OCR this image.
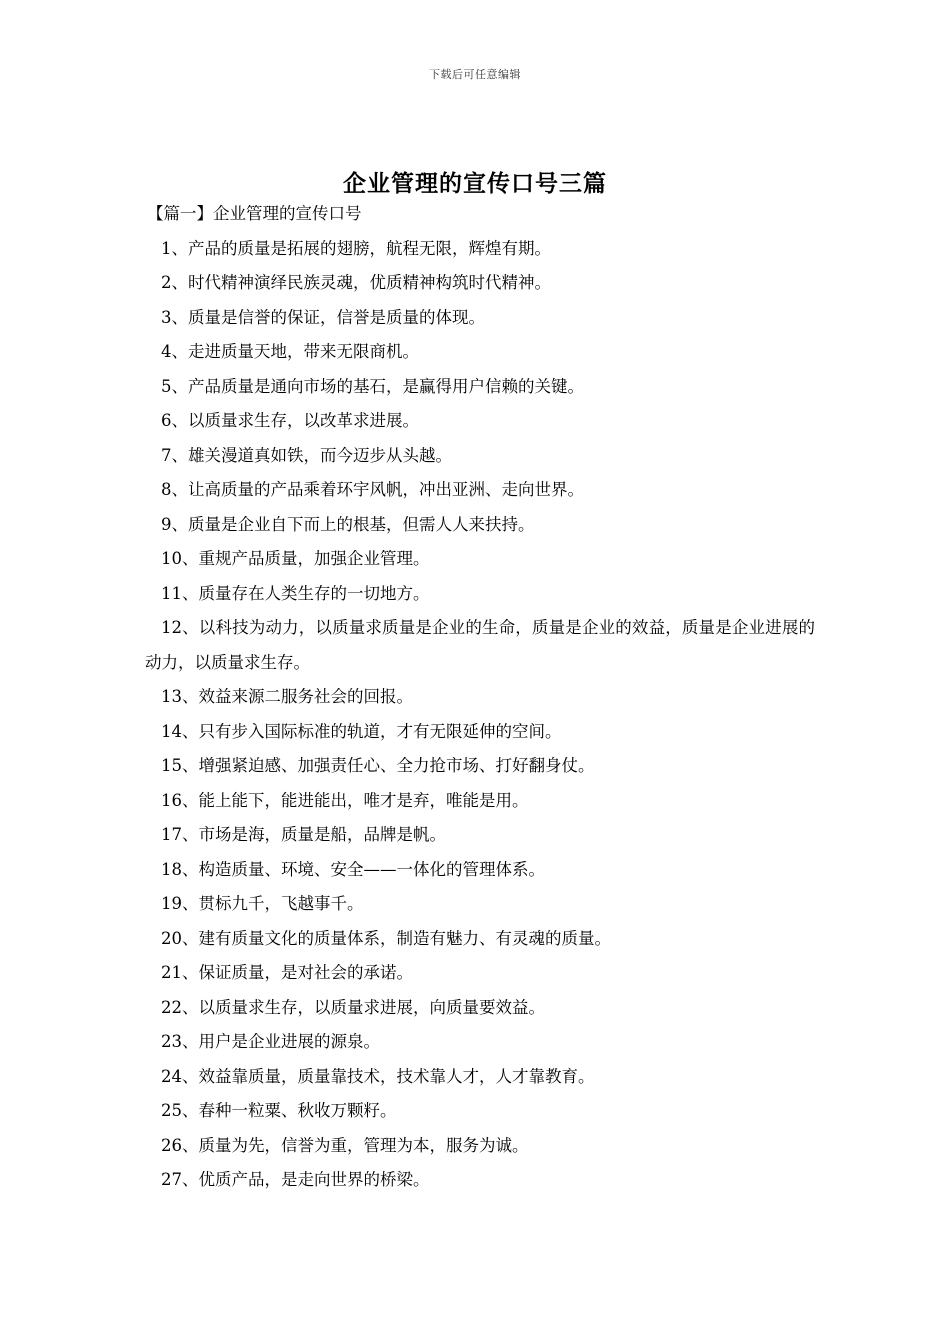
下载后可任意编辑
企业管理的宣传口号三篇

【篇一】企业管理的宣传口号

1、产品的质量是拓展的翅膀，航程无限，辉煌有期。
2、时代精神演绎民族灵魂，优质精神构筑时代精神。
3、质量是信誉的保证，信誉是质量的体现。
4、走进质量天地，带来无限商机。
5、产品质量是通向市场的基石，是赢得用户信赖的关键。
6、以质量求生存，以改革求进展。
7、雄关漫道真如铁，而今迈步从头越。
8、让高质量的产品乘着环宇风帆，冲出亚洲、走向世界。
9、质量是企业自下而上的根基，但需人人来扶持。
10、重规产品质量，加强企业管理。
11、质量存在人类生存的一切地方。
12、以科技为动力，以质量求质量是企业的生命，质量是企业的效益，质量是企业进展的动力，以质量求生存。
13、效益来源二服务社会的回报。
14、只有步入国际标准的轨道，才有无限延伸的空间。
15、增强紧迫感、加强责任心、全力抢市场、打好翻身仗。
16、能上能下，能进能出，唯才是弃，唯能是用。
17、市场是海，质量是船，品牌是帆。
18、构造质量、环境、安全——一体化的管理体系。
19、贯标九千，飞越事千。
20、建有质量文化的质量体系，制造有魅力、有灵魂的质量。
21、保证质量，是对社会的承诺。
22、以质量求生存，以质量求进展，向质量要效益。
23、用户是企业进展的源泉。
24、效益靠质量，质量靠技术，技术靠人才，人才靠教育。
25、春种一粒粟、秋收万颗籽。
26、质量为先，信誉为重，管理为本，服务为诚。
27、优质产品，是走向世界的桥梁。
